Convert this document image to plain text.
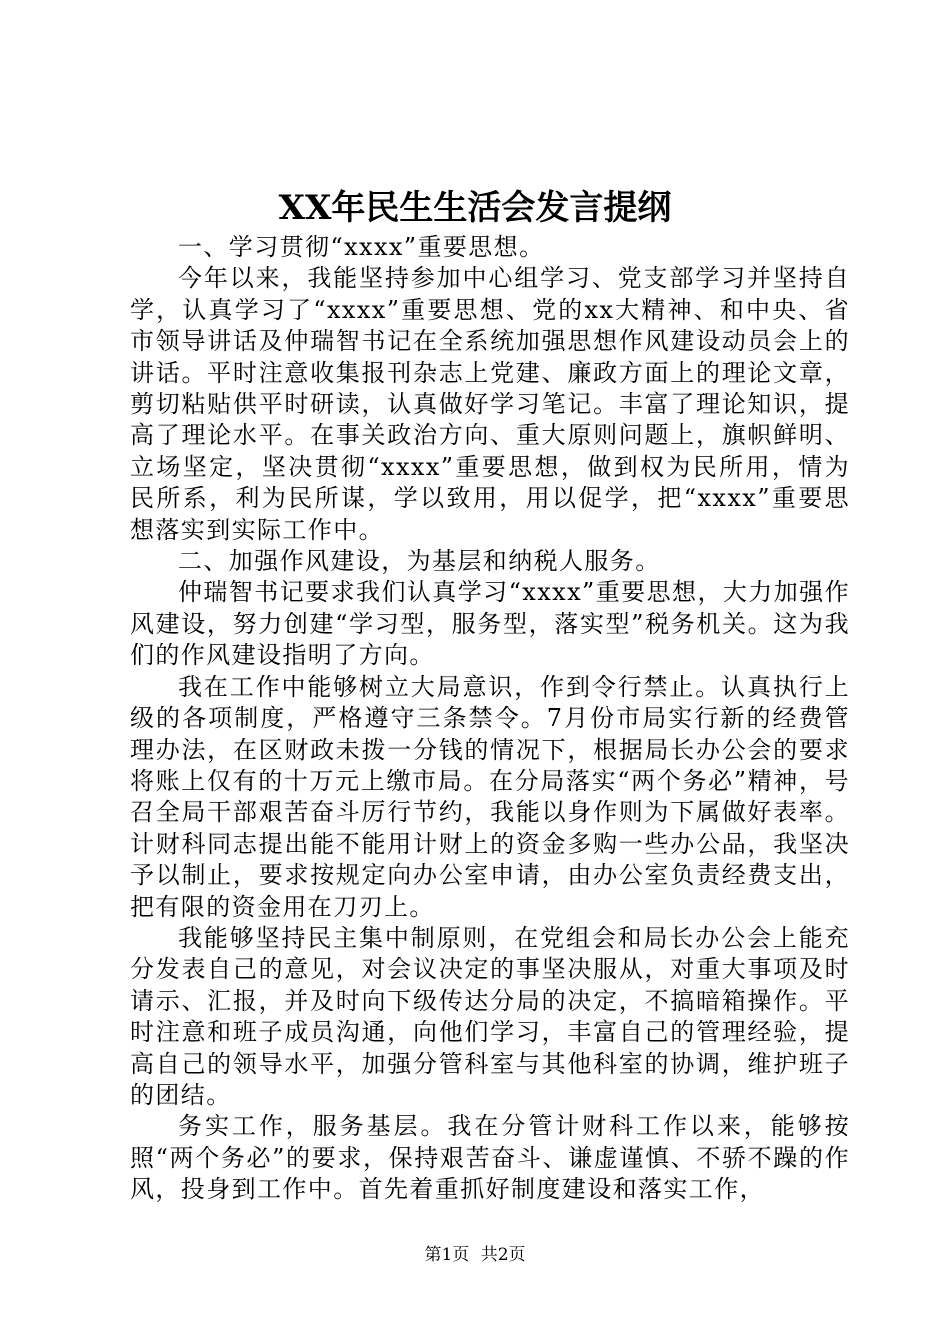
XX年民生生活会发言提纲

一、学习贯彻“xxxx”重要思想。

今年以来，我能坚持参加中心组学习、党支部学习并坚持自学，认真学习了“xxxx”重要思想、党的xx大精神、和中央、省市领导讲话及仲瑞智书记在全系统加强思想作风建设动员会上的讲话。平时注意收集报刊杂志上党建、廉政方面上的理论文章，剪切粘贴供平时研读，认真做好学习笔记。丰富了理论知识，提高了理论水平。在事关政治方向、重大原则问题上，旗帜鲜明、立场坚定，坚决贯彻“xxxx”重要思想，做到权为民所用，情为民所系，利为民所谋，学以致用，用以促学，把“xxxx”重要思想落实到实际工作中。

二、加强作风建设，为基层和纳税人服务。

仲瑞智书记要求我们认真学习“xxxx”重要思想，大力加强作风建设，努力创建“学习型，服务型，落实型”税务机关。这为我们的作风建设指明了方向。

我在工作中能够树立大局意识，作到令行禁止。认真执行上级的各项制度，严格遵守三条禁令。7月份市局实行新的经费管理办法，在区财政未拨一分钱的情况下，根据局长办公会的要求将账上仅有的十万元上缴市局。在分局落实“两个务必”精神，号召全局干部艰苦奋斗厉行节约，我能以身作则为下属做好表率。计财科同志提出能不能用计财上的资金多购一些办公品，我坚决予以制止，要求按规定向办公室申请，由办公室负责经费支出，把有限的资金用在刀刃上。

我能够坚持民主集中制原则，在党组会和局长办公会上能充分发表自己的意见，对会议决定的事坚决服从，对重大事项及时请示、汇报，并及时向下级传达分局的决定，不搞暗箱操作。平时注意和班子成员沟通，向他们学习，丰富自己的管理经验，提高自己的领导水平，加强分管科室与其他科室的协调，维护班子的团结。

务实工作，服务基层。我在分管计财科工作以来，能够按照“两个务必”的要求，保持艰苦奋斗、谦虚谨慎、不骄不躁的作风，投身到工作中。首先着重抓好制度建设和落实工作，

第1页 共2页
